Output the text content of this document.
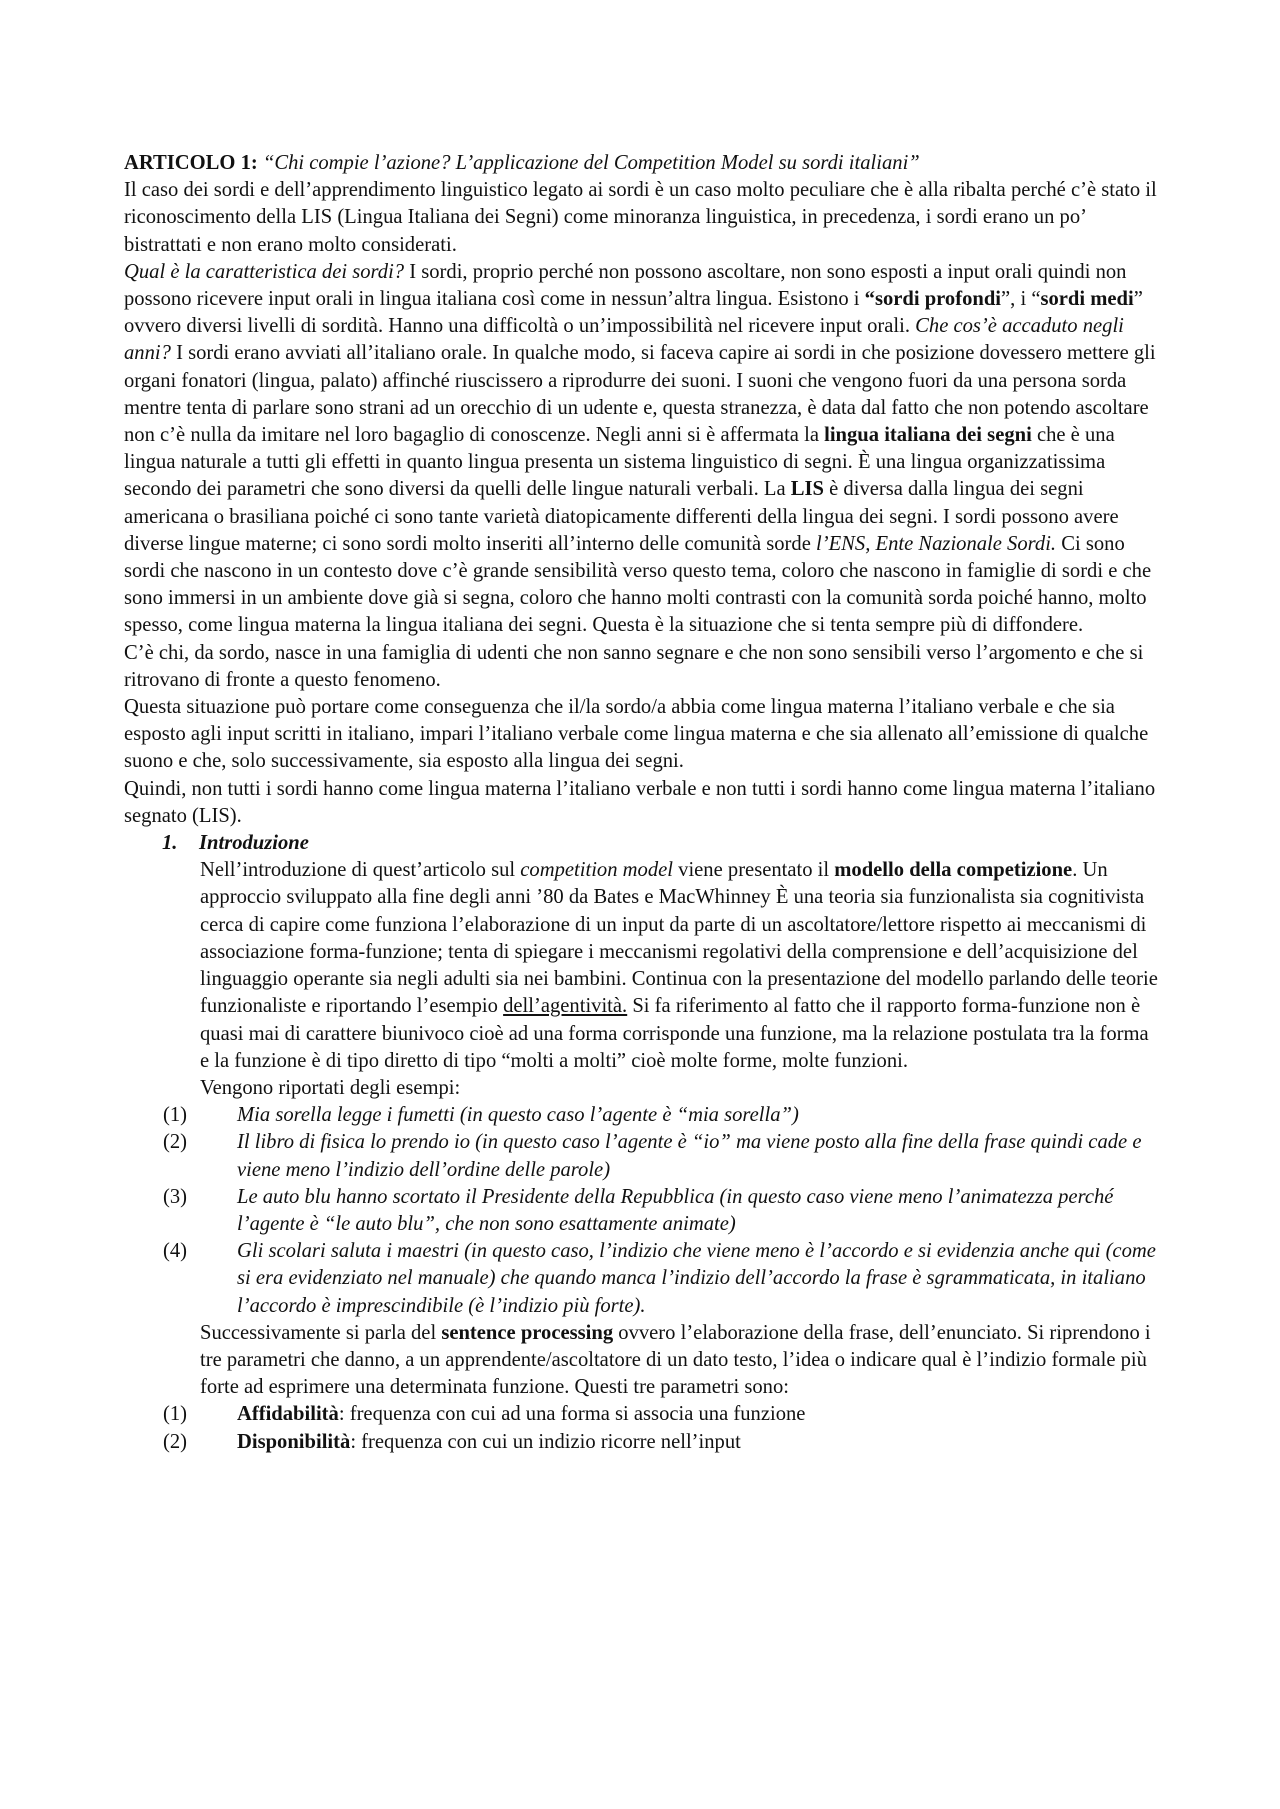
ARTICOLO 1: “Chi compie l’azione? L’applicazione del Competition Model su sordi italiani”

Il caso dei sordi e dell’apprendimento linguistico legato ai sordi è un caso molto peculiare che è alla ribalta perché c’è stato il riconoscimento della LIS (Lingua Italiana dei Segni) come minoranza linguistica, in precedenza, i sordi erano un po’ bistrattati e non erano molto considerati.

Qual è la caratteristica dei sordi? I sordi, proprio perché non possono ascoltare, non sono esposti a input orali quindi non possono ricevere input orali in lingua italiana così come in nessun’altra lingua. Esistono i “sordi profondi”, i “sordi medi” ovvero diversi livelli di sordità. Hanno una difficoltà o un’impossibilità nel ricevere input orali. Che cos’è accaduto negli anni? I sordi erano avviati all’italiano orale. In qualche modo, si faceva capire ai sordi in che posizione dovessero mettere gli organi fonatori (lingua, palato) affinché riuscissero a riprodurre dei suoni. I suoni che vengono fuori da una persona sorda mentre tenta di parlare sono strani ad un orecchio di un udente e, questa stranezza, è data dal fatto che non potendo ascoltare non c’è nulla da imitare nel loro bagaglio di conoscenze. Negli anni si è affermata la lingua italiana dei segni che è una lingua naturale a tutti gli effetti in quanto lingua presenta un sistema linguistico di segni. È una lingua organizzatissima secondo dei parametri che sono diversi da quelli delle lingue naturali verbali. La LIS è diversa dalla lingua dei segni americana o brasiliana poiché ci sono tante varietà diatopicamente differenti della lingua dei segni. I sordi possono avere diverse lingue materne; ci sono sordi molto inseriti all’interno delle comunità sorde l’ENS, Ente Nazionale Sordi. Ci sono sordi che nascono in un contesto dove c’è grande sensibilità verso questo tema, coloro che nascono in famiglie di sordi e che sono immersi in un ambiente dove già si segna, coloro che hanno molti contrasti con la comunità sorda poiché hanno, molto spesso, come lingua materna la lingua italiana dei segni. Questa è la situazione che si tenta sempre più di diffondere.

C’è chi, da sordo, nasce in una famiglia di udenti che non sanno segnare e che non sono sensibili verso l’argomento e che si ritrovano di fronte a questo fenomeno.

Questa situazione può portare come conseguenza che il/la sordo/a abbia come lingua materna l’italiano verbale e che sia esposto agli input scritti in italiano, impari l’italiano verbale come lingua materna e che sia allenato all’emissione di qualche suono e che, solo successivamente, sia esposto alla lingua dei segni.

Quindi, non tutti i sordi hanno come lingua materna l’italiano verbale e non tutti i sordi hanno come lingua materna l’italiano segnato (LIS).

1. Introduzione

Nell’introduzione di quest’articolo sul competition model viene presentato il modello della competizione. Un approccio sviluppato alla fine degli anni ’80 da Bates e MacWhinney È una teoria sia funzionalista sia cognitivista cerca di capire come funziona l’elaborazione di un input da parte di un ascoltatore/lettore rispetto ai meccanismi di associazione forma-funzione; tenta di spiegare i meccanismi regolativi della comprensione e dell’acquisizione del linguaggio operante sia negli adulti sia nei bambini. Continua con la presentazione del modello parlando delle teorie funzionaliste e riportando l’esempio dell’agentività. Si fa riferimento al fatto che il rapporto forma-funzione non è quasi mai di carattere biunivoco cioè ad una forma corrisponde una funzione, ma la relazione postulata tra la forma e la funzione è di tipo diretto di tipo “molti a molti” cioè molte forme, molte funzioni.

Vengono riportati degli esempi:

(1) Mia sorella legge i fumetti (in questo caso l’agente è “mia sorella”)
(2) Il libro di fisica lo prendo io (in questo caso l’agente è “io” ma viene posto alla fine della frase quindi cade e viene meno l’indizio dell’ordine delle parole)
(3) Le auto blu hanno scortato il Presidente della Repubblica (in questo caso viene meno l’animatezza perché l’agente è “le auto blu”, che non sono esattamente animate)
(4) Gli scolari saluta i maestri (in questo caso, l’indizio che viene meno è l’accordo e si evidenzia anche qui (come si era evidenziato nel manuale) che quando manca l’indizio dell’accordo la frase è sgrammaticata, in italiano l’accordo è imprescindibile (è l’indizio più forte).

Successivamente si parla del sentence processing ovvero l’elaborazione della frase, dell’enunciato. Si riprendono i tre parametri che danno, a un apprendente/ascoltatore di un dato testo, l’idea o indicare qual è l’indizio formale più forte ad esprimere una determinata funzione. Questi tre parametri sono:

(1) Affidabilità: frequenza con cui ad una forma si associa una funzione
(2) Disponibilità: frequenza con cui un indizio ricorre nell’input
